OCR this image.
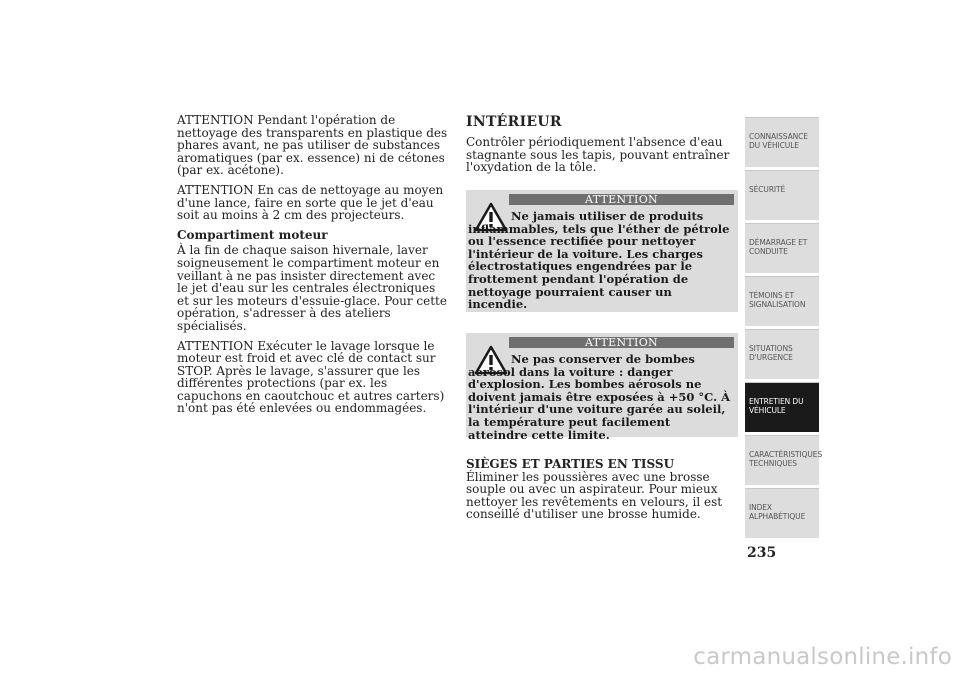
ATTENTION Pendant l'opération de nettoyage des transparents en plastique des phares avant, ne pas utiliser de substances aromatiques (par ex. essence) ni de cétones (par ex. acétone).

ATTENTION En cas de nettoyage au moyen d'une lance, faire en sorte que le jet d'eau soit au moins à 2 cm des projecteurs.

Compartiment moteur

À la fin de chaque saison hivernale, laver soigneusement le compartiment moteur en veillant à ne pas insister directement avec le jet d'eau sur les centrales électroniques et sur les moteurs d'essuie-glace. Pour cette opération, s'adresser à des ateliers spécialisés.

ATTENTION Exécuter le lavage lorsque le moteur est froid et avec clé de contact sur STOP. Après le lavage, s'assurer que les différentes protections (par ex. les capuchons en caoutchouc et autres carters) n'ont pas été enlevées ou endommagées.

INTÉRIEUR

Contrôler périodiquement l'absence d'eau stagnante sous les tapis, pouvant entraîner l'oxydation de la tôle.

ATTENTION
Ne jamais utiliser de produits inflammables, tels que l'éther de pétrole ou l'essence rectifiée pour nettoyer l'intérieur de la voiture. Les charges électrostatiques engendrées par le frottement pendant l'opération de nettoyage pourraient causer un incendie.
ATTENTION
Ne pas conserver de bombes aérosol dans la voiture : danger d'explosion. Les bombes aérosols ne doivent jamais être exposées à +50 °C. À l'intérieur d'une voiture garée au soleil, la température peut facilement atteindre cette limite.

SIÈGES ET PARTIES EN TISSU

Éliminer les poussières avec une brosse souple ou avec un aspirateur. Pour mieux nettoyer les revêtements en velours, il est conseillé d'utiliser une brosse humide.

CONNAISSANCE DU VÉHICULE
SÉCURITÉ
DÉMARRAGE ET CONDUITE
TÉMOINS ET SIGNALISATION
SITUATIONS D'URGENCE
ENTRETIEN DU VÉHICULE
CARACTÉRISTIQUES TECHNIQUES
INDEX ALPHABÉTIQUE
235
carmanualsonline.info
